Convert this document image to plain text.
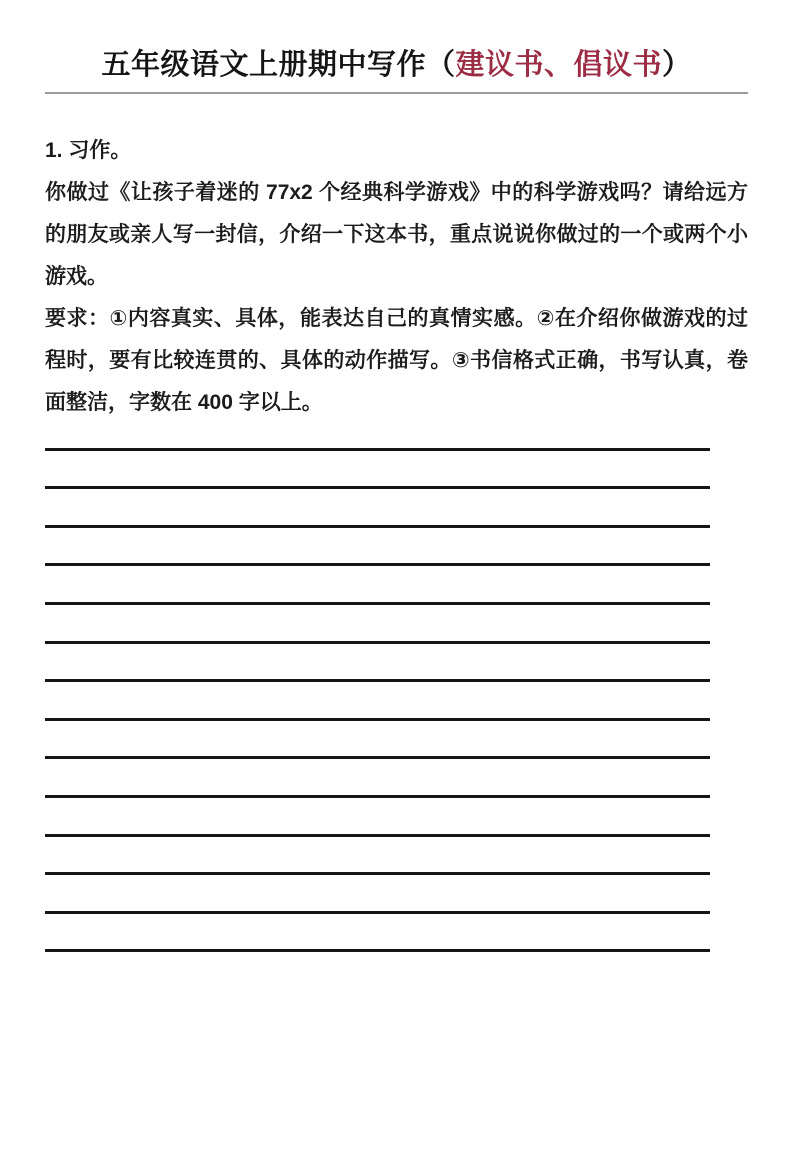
五年级语文上册期中写作（建议书、倡议书）
1. 习作。
你做过《让孩子着迷的 77x2 个经典科学游戏》中的科学游戏吗？请给远方
的朋友或亲人写一封信，介绍一下这本书，重点说说你做过的一个或两个小
游戏。
要求：①内容真实、具体，能表达自己的真情实感。②在介绍你做游戏的过
程时，要有比较连贯的、具体的动作描写。③书信格式正确，书写认真，卷
面整洁，字数在 400 字以上。
